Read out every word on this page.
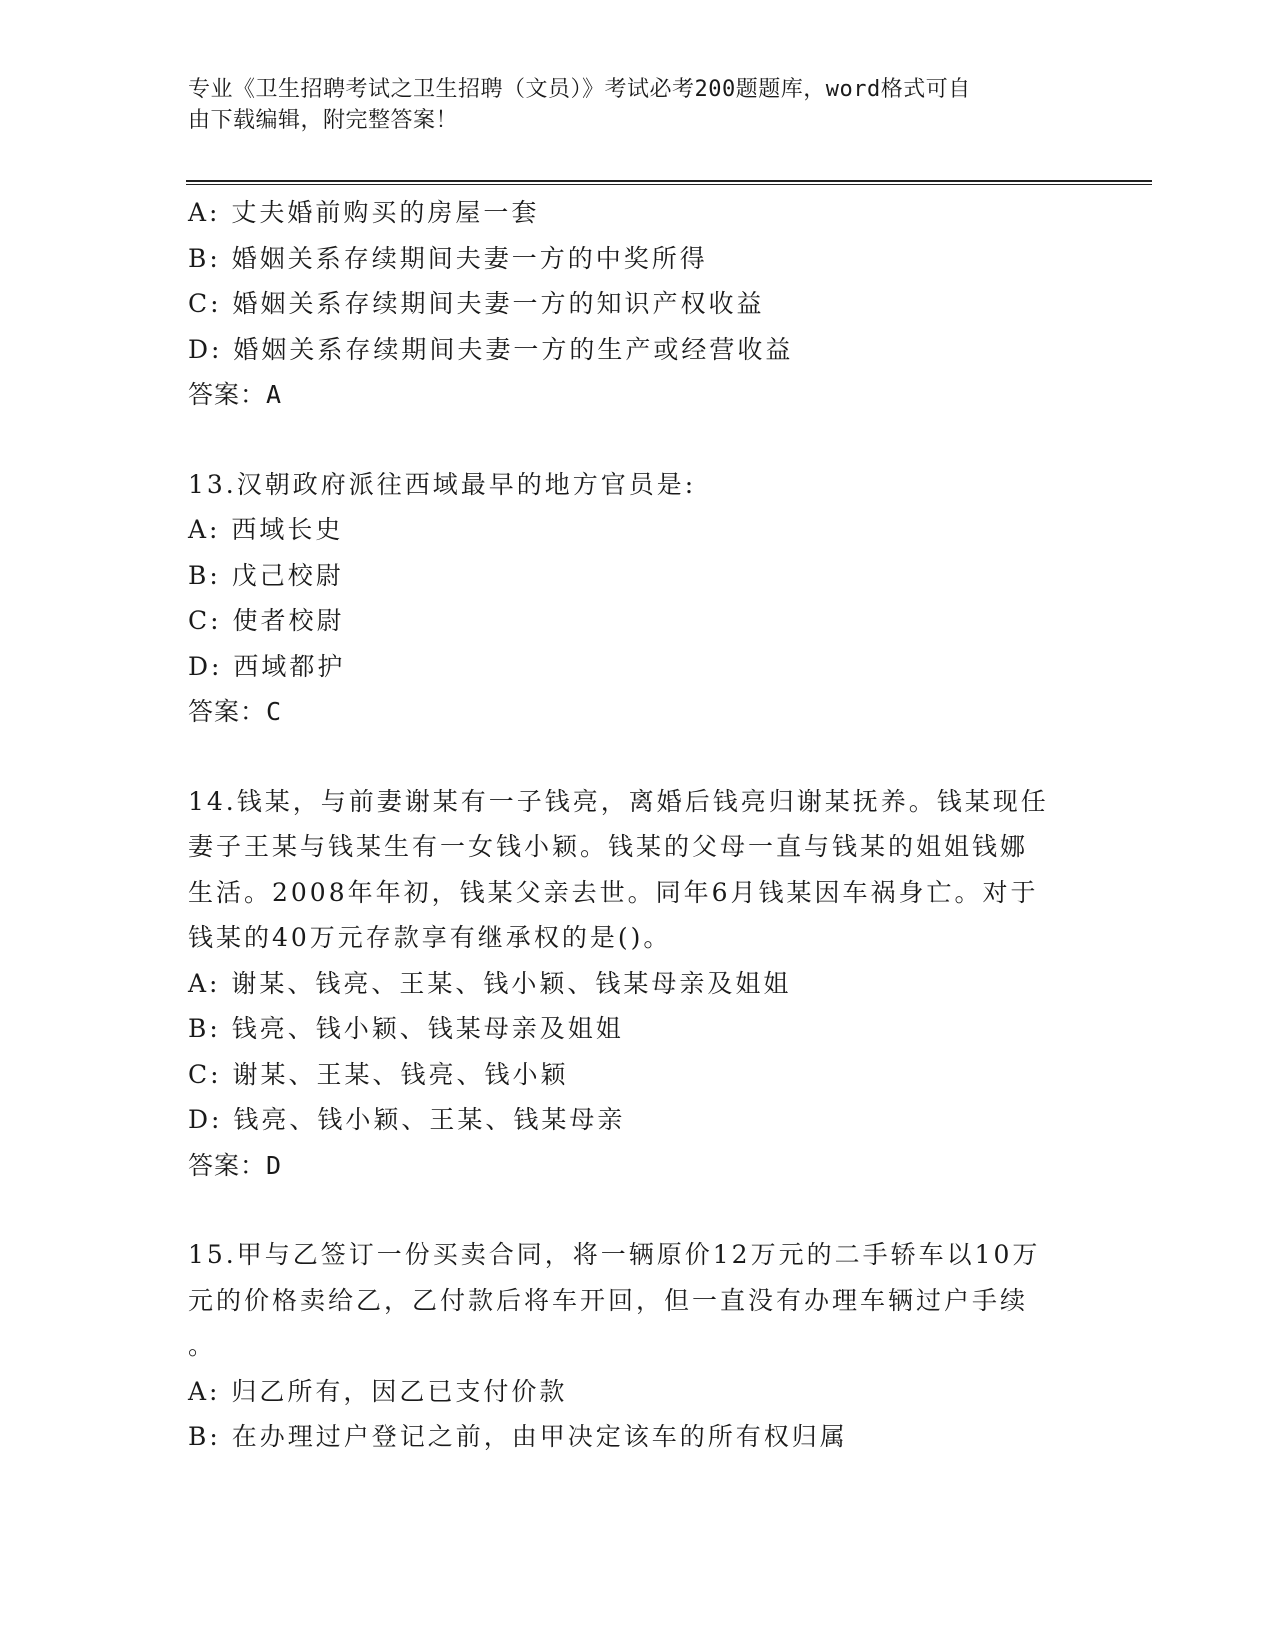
专业《卫生招聘考试之卫生招聘（文员）》考试必考200题题库，word格式可自
由下载编辑，附完整答案！
A: 丈夫婚前购买的房屋一套
B: 婚姻关系存续期间夫妻一方的中奖所得
C: 婚姻关系存续期间夫妻一方的知识产权收益
D: 婚姻关系存续期间夫妻一方的生产或经营收益
答案：A
13.汉朝政府派往西域最早的地方官员是:
A: 西域长史
B: 戊己校尉
C: 使者校尉
D: 西域都护
答案：C
14.钱某，与前妻谢某有一子钱亮，离婚后钱亮归谢某抚养。钱某现任
妻子王某与钱某生有一女钱小颖。钱某的父母一直与钱某的姐姐钱娜
生活。2008年年初，钱某父亲去世。同年6月钱某因车祸身亡。对于
钱某的40万元存款享有继承权的是()。
A: 谢某、钱亮、王某、钱小颖、钱某母亲及姐姐
B: 钱亮、钱小颖、钱某母亲及姐姐
C: 谢某、王某、钱亮、钱小颖
D: 钱亮、钱小颖、王某、钱某母亲
答案：D
15.甲与乙签订一份买卖合同，将一辆原价12万元的二手轿车以10万
元的价格卖给乙，乙付款后将车开回，但一直没有办理车辆过户手续
。
A: 归乙所有，因乙已支付价款
B: 在办理过户登记之前，由甲决定该车的所有权归属
